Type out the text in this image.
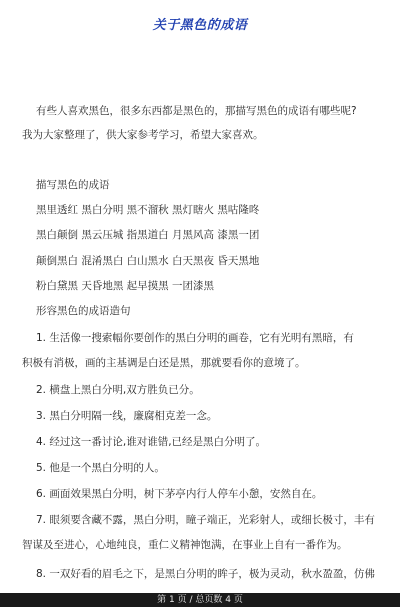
关于黑色的成语
有些人喜欢黑色，很多东西都是黑色的，那描写黑色的成语有哪些呢?
我为大家整理了，供大家参考学习，希望大家喜欢。
描写黑色的成语
黑里透红 黑白分明 黑不溜秋 黑灯瞎火 黑咕隆咚
黑白颠倒 黑云压城 指黑道白 月黑风高 漆黑一团
颠倒黑白 混淆黑白 白山黑水 白天黑夜 昏天黑地
粉白黛黑 天昏地黑 起早摸黑 一团漆黑
形容黑色的成语造句
1. 生活像一搜索幅你要创作的黑白分明的画卷，它有光明有黑暗，有
积极有消极，画的主基调是白还是黑，那就要看你的意境了。
2. 横盘上黑白分明,双方胜负已分。
3. 黑白分明隔一线，廉腐相克差一念。
4. 经过这一番讨论,谁对谁错,已经是黑白分明了。
5. 他是一个黑白分明的人。
6. 画面效果黑白分明，树下茅亭内行人停车小憩，安然自在。
7. 眼须要含藏不露，黑白分明，瞳子端正，光彩射人，或细长极寸，丰有
智谋及至进心，心地纯良，重仁义精神饱满，在事业上自有一番作为。
8. 一双好看的眉毛之下，是黑白分明的眸子，极为灵动，秋水盈盈，仿佛
第 1 页 / 总页数 4 页
